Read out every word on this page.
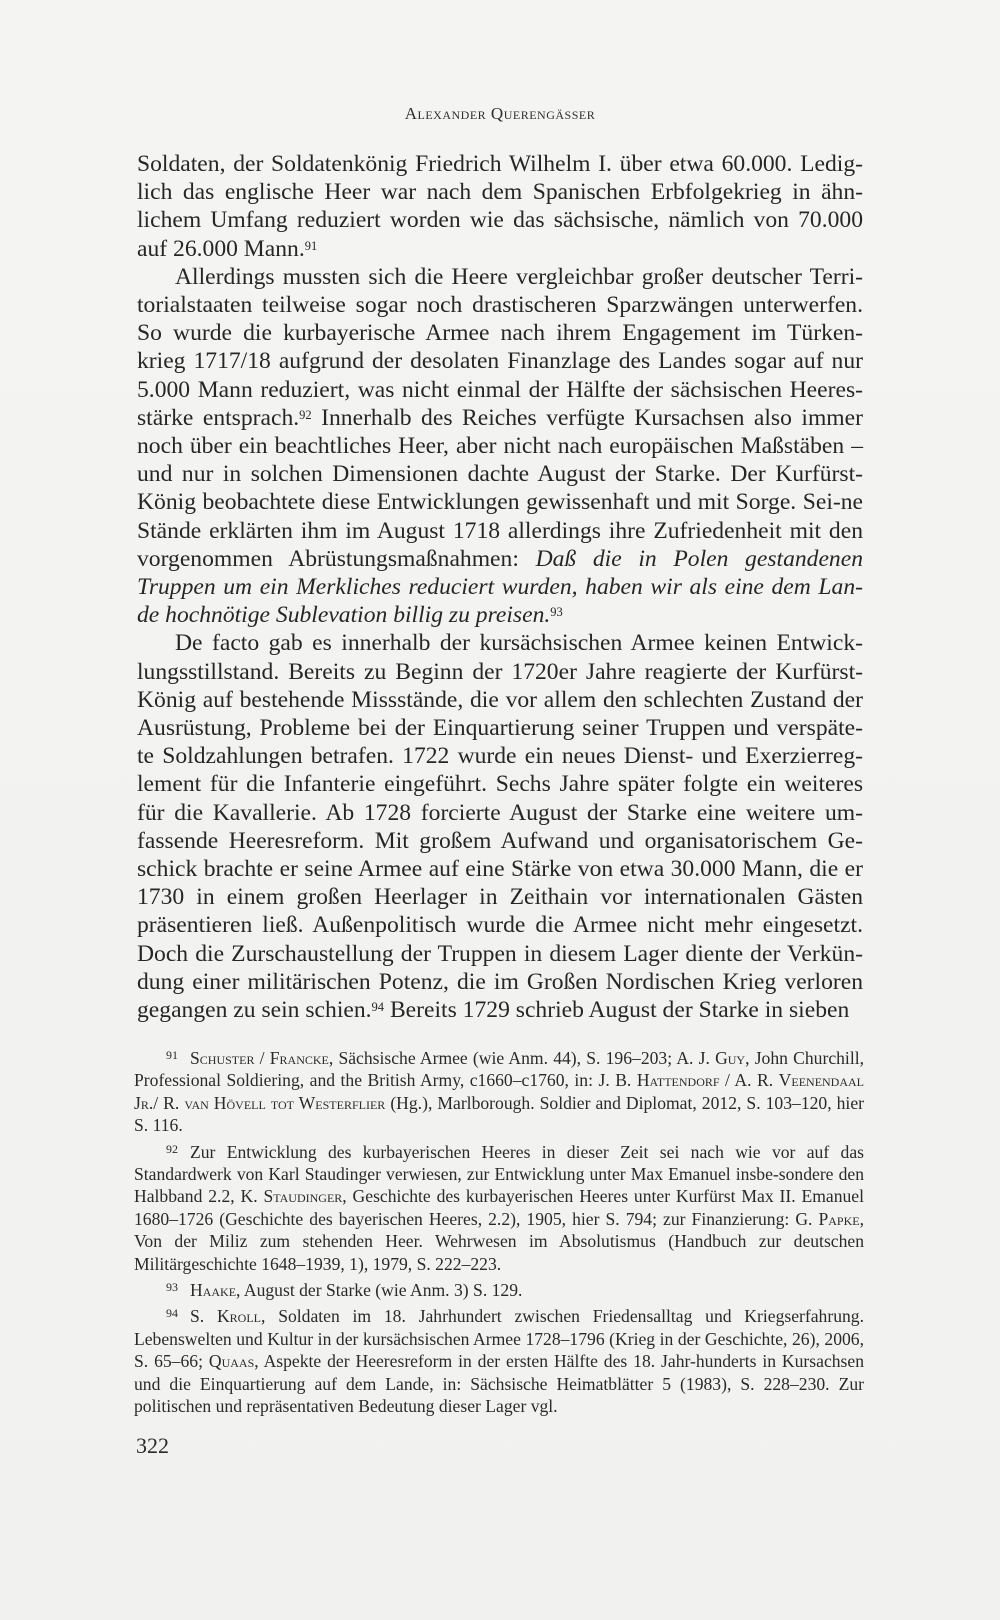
Alexander Querengässer

Soldaten, der Soldatenkönig Friedrich Wilhelm I. über etwa 60.000. Ledig-lich das englische Heer war nach dem Spanischen Erbfolgekrieg in ähn-lichem Umfang reduziert worden wie das sächsische, nämlich von 70.000 auf 26.000 Mann.$^{91}$

Allerdings mussten sich die Heere vergleichbar großer deutscher Terri-torialstaaten teilweise sogar noch drastischeren Sparzwängen unterwerfen. So wurde die kurbayerische Armee nach ihrem Engagement im Türken-krieg 1717/18 aufgrund der desolaten Finanzlage des Landes sogar auf nur 5.000 Mann reduziert, was nicht einmal der Hälfte der sächsischen Heeres-stärke entsprach.$^{92}$ Innerhalb des Reiches verfügte Kursachsen also immer noch über ein beachtliches Heer, aber nicht nach europäischen Maßstäben – und nur in solchen Dimensionen dachte August der Starke. Der Kurfürst-König beobachtete diese Entwicklungen gewissenhaft und mit Sorge. Sei-ne Stände erklärten ihm im August 1718 allerdings ihre Zufriedenheit mit den vorgenommen Abrüstungsmaßnahmen: Daß die in Polen gestandenen Truppen um ein Merkliches reduciert wurden, haben wir als eine dem Lan-de hochnötige Sublevation billig zu preisen.$^{93}$

De facto gab es innerhalb der kursächsischen Armee keinen Entwick-lungsstillstand. Bereits zu Beginn der 1720er Jahre reagierte der Kurfürst-König auf bestehende Missstände, die vor allem den schlechten Zustand der Ausrüstung, Probleme bei der Einquartierung seiner Truppen und verspäte-te Soldzahlungen betrafen. 1722 wurde ein neues Dienst- und Exerzierreg-lement für die Infanterie eingeführt. Sechs Jahre später folgte ein weiteres für die Kavallerie. Ab 1728 forcierte August der Starke eine weitere um-fassende Heeresreform. Mit großem Aufwand und organisatorischem Ge-schick brachte er seine Armee auf eine Stärke von etwa 30.000 Mann, die er 1730 in einem großen Heerlager in Zeithain vor internationalen Gästen präsentieren ließ. Außenpolitisch wurde die Armee nicht mehr eingesetzt. Doch die Zurschaustellung der Truppen in diesem Lager diente der Verkün-dung einer militärischen Potenz, die im Großen Nordischen Krieg verloren gegangen zu sein schien.$^{94}$ Bereits 1729 schrieb August der Starke in sieben

$^{91}$ Schuster / Francke, Sächsische Armee (wie Anm. 44), S. 196–203; A. J. Guy, John Churchill, Professional Soldiering, and the British Army, c1660–c1760, in: J. B. Hattendorf / A. R. Veenendaal Jr./ R. van Hövell tot Westerflier (Hg.), Marlborough. Soldier and Diplomat, 2012, S. 103–120, hier S. 116.

$^{92}$ Zur Entwicklung des kurbayerischen Heeres in dieser Zeit sei nach wie vor auf das Standardwerk von Karl Staudinger verwiesen, zur Entwicklung unter Max Emanuel insbe-sondere den Halbband 2.2, K. Staudinger, Geschichte des kurbayerischen Heeres unter Kurfürst Max II. Emanuel 1680–1726 (Geschichte des bayerischen Heeres, 2.2), 1905, hier S. 794; zur Finanzierung: G. Papke, Von der Miliz zum stehenden Heer. Wehrwesen im Absolutismus (Handbuch zur deutschen Militärgeschichte 1648–1939, 1), 1979, S. 222–223.

$^{93}$ Haake, August der Starke (wie Anm. 3) S. 129.

$^{94}$ S. Kroll, Soldaten im 18. Jahrhundert zwischen Friedensalltag und Kriegserfahrung. Lebenswelten und Kultur in der kursächsischen Armee 1728–1796 (Krieg in der Geschichte, 26), 2006, S. 65–66; Quaas, Aspekte der Heeresreform in der ersten Hälfte des 18. Jahr-hunderts in Kursachsen und die Einquartierung auf dem Lande, in: Sächsische Heimatblätter 5 (1983), S. 228–230. Zur politischen und repräsentativen Bedeutung dieser Lager vgl.

322
